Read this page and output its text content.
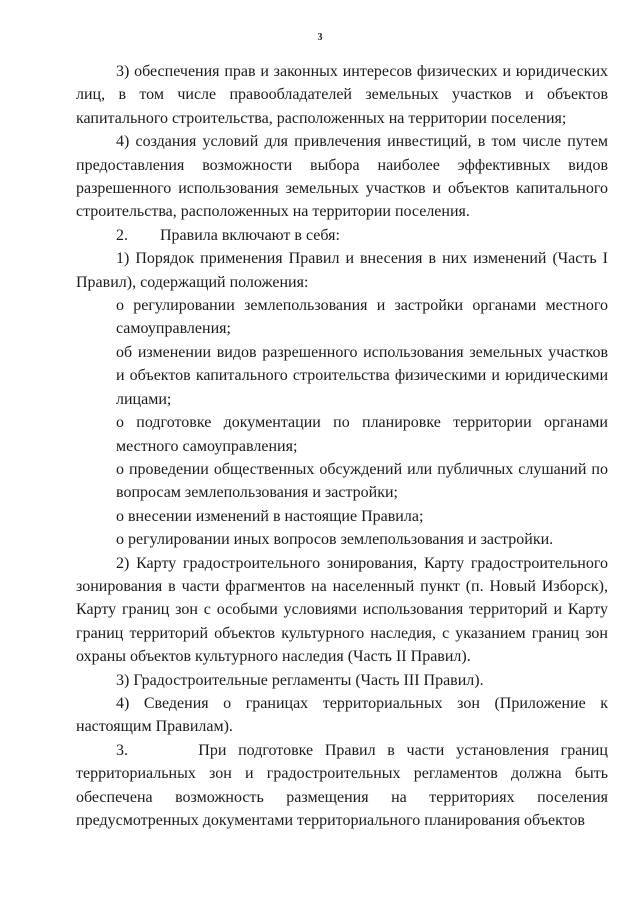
3

3) обеспечения прав и законных интересов физических и юридических лиц, в том числе правообладателей земельных участков и объектов капитального строительства, расположенных на территории поселения;

4) создания условий для привлечения инвестиций, в том числе путем предоставления возможности выбора наиболее эффективных видов разрешенного использования земельных участков и объектов капитального строительства, расположенных на территории поселения.

2.        Правила включают в себя:

1) Порядок применения Правил и внесения в них изменений (Часть I Правил), содержащий положения:

о регулировании землепользования и застройки органами местного самоуправления;

об изменении видов разрешенного использования земельных участков и объектов капитального строительства физическими и юридическими лицами;

о подготовке документации по планировке территории органами местного самоуправления;

о проведении общественных обсуждений или публичных слушаний по вопросам землепользования и застройки;

о внесении изменений в настоящие Правила;

о регулировании иных вопросов землепользования и застройки.

2) Карту градостроительного зонирования, Карту градостроительного зонирования в части фрагментов на населенный пункт (п. Новый Изборск), Карту границ зон с особыми условиями использования территорий и Карту границ территорий объектов культурного наследия, с указанием границ зон охраны объектов культурного наследия (Часть II Правил).

3) Градостроительные регламенты (Часть III Правил).

4) Сведения о границах территориальных зон (Приложение к настоящим Правилам).

3.      При подготовке Правил в части установления границ территориальных зон и градостроительных регламентов должна быть обеспечена возможность размещения на территориях поселения предусмотренных документами территориального планирования объектов
